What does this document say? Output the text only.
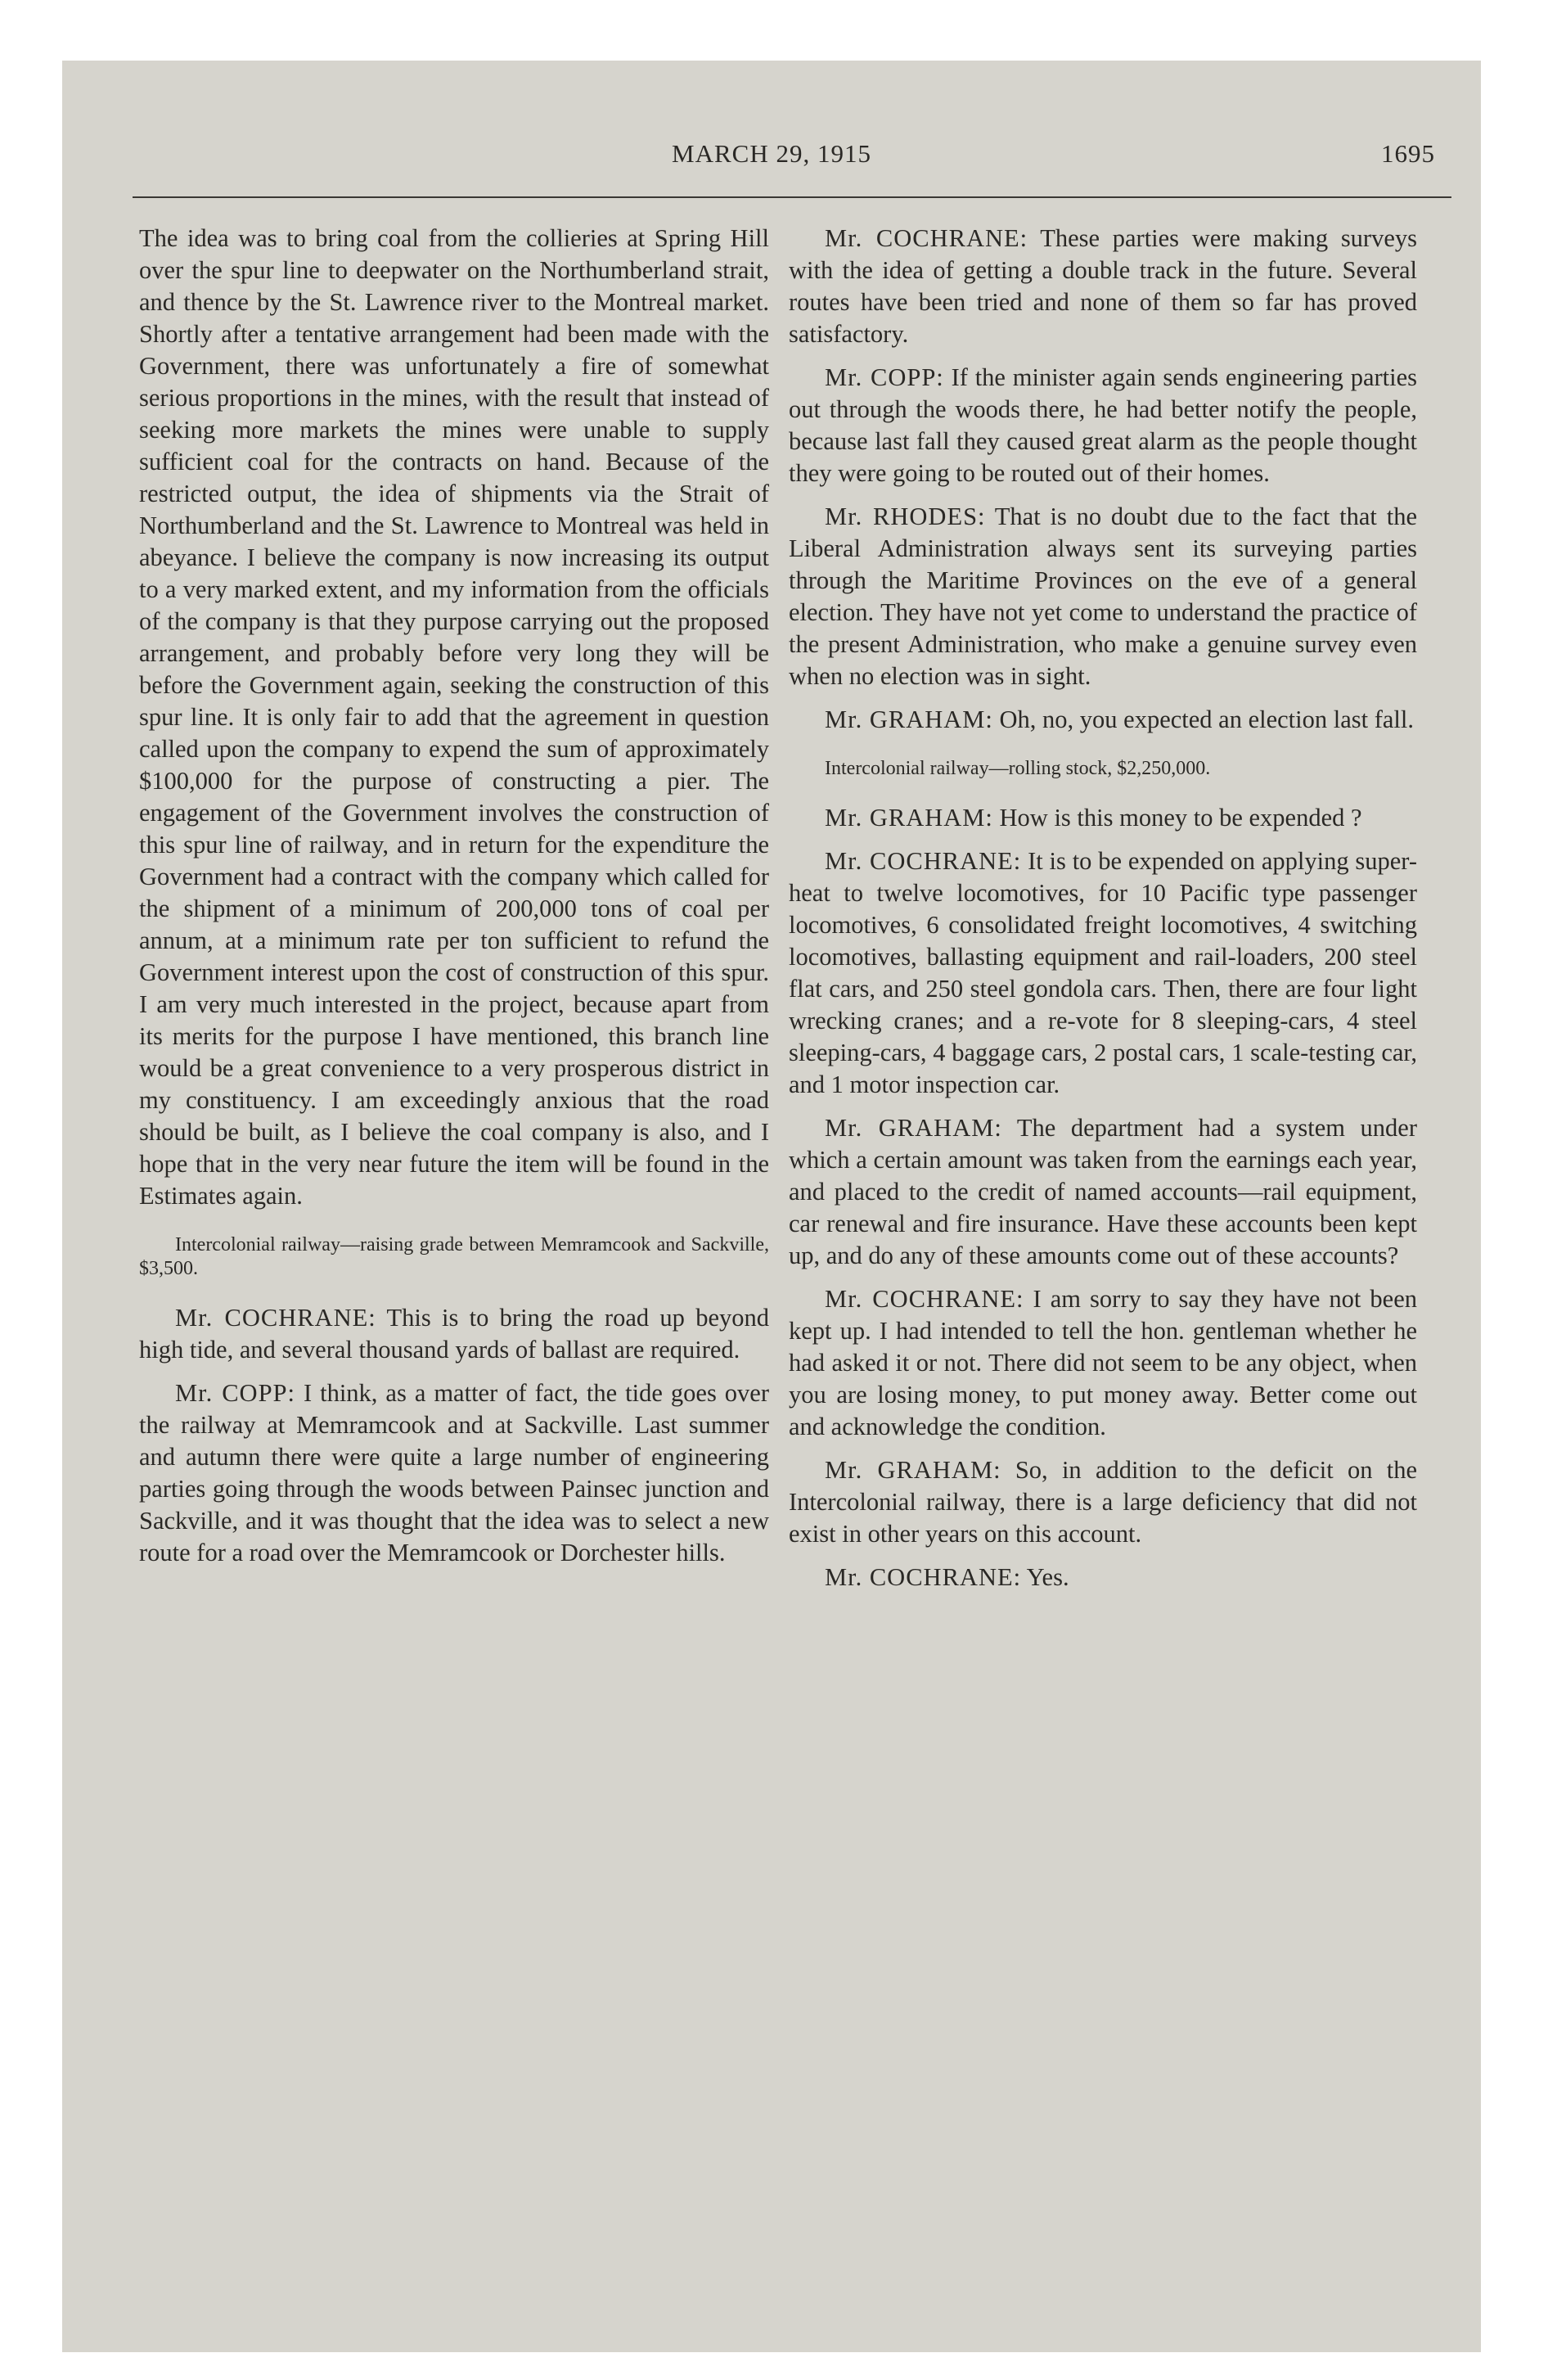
MARCH 29, 1915	1695

The idea was to bring coal from the collieries at Spring Hill over the spur line to deepwater on the Northumberland strait, and thence by the St. Lawrence river to the Montreal market. Shortly after a tentative arrangement had been made with the Government, there was unfortunately a fire of somewhat serious proportions in the mines, with the result that instead of seeking more markets the mines were unable to supply sufficient coal for the contracts on hand. Because of the restricted output, the idea of shipments via the Strait of Northumberland and the St. Lawrence to Montreal was held in abeyance. I believe the company is now increasing its output to a very marked extent, and my information from the officials of the company is that they purpose carrying out the proposed arrangement, and probably before very long they will be before the Government again, seeking the construction of this spur line. It is only fair to add that the agreement in question called upon the company to expend the sum of approximately $100,000 for the purpose of constructing a pier. The engagement of the Government involves the construction of this spur line of railway, and in return for the expenditure the Government had a contract with the company which called for the shipment of a minimum of 200,000 tons of coal per annum, at a minimum rate per ton sufficient to refund the Government interest upon the cost of construction of this spur. I am very much interested in the project, because apart from its merits for the purpose I have mentioned, this branch line would be a great convenience to a very prosperous district in my constituency. I am exceedingly anxious that the road should be built, as I believe the coal company is also, and I hope that in the very near future the item will be found in the Estimates again.

Intercolonial railway—raising grade between Memramcook and Sackville, $3,500.

Mr. COCHRANE: This is to bring the road up beyond high tide, and several thousand yards of ballast are required.

Mr. COPP: I think, as a matter of fact, the tide goes over the railway at Memramcook and at Sackville. Last summer and autumn there were quite a large number of engineering parties going through the woods between Painsec junction and Sackville, and it was thought that the idea was to select a new route for a road over the Memramcook or Dorchester hills.

Mr. COCHRANE: These parties were making surveys with the idea of getting a double track in the future. Several routes have been tried and none of them so far has proved satisfactory.

Mr. COPP: If the minister again sends engineering parties out through the woods there, he had better notify the people, because last fall they caused great alarm as the people thought they were going to be routed out of their homes.

Mr. RHODES: That is no doubt due to the fact that the Liberal Administration always sent its surveying parties through the Maritime Provinces on the eve of a general election. They have not yet come to understand the practice of the present Administration, who make a genuine survey even when no election was in sight.

Mr. GRAHAM: Oh, no, you expected an election last fall.

Intercolonial railway—rolling stock, $2,250,000.

Mr. GRAHAM: How is this money to be expended ?

Mr. COCHRANE: It is to be expended on applying super-heat to twelve locomotives, for 10 Pacific type passenger locomotives, 6 consolidated freight locomotives, 4 switching locomotives, ballasting equipment and rail-loaders, 200 steel flat cars, and 250 steel gondola cars. Then, there are four light wrecking cranes; and a re-vote for 8 sleeping-cars, 4 steel sleeping-cars, 4 baggage cars, 2 postal cars, 1 scale-testing car, and 1 motor inspection car.

Mr. GRAHAM: The department had a system under which a certain amount was taken from the earnings each year, and placed to the credit of named accounts—rail equipment, car renewal and fire insurance. Have these accounts been kept up, and do any of these amounts come out of these accounts?

Mr. COCHRANE: I am sorry to say they have not been kept up. I had intended to tell the hon. gentleman whether he had asked it or not. There did not seem to be any object, when you are losing money, to put money away. Better come out and acknowledge the condition.

Mr. GRAHAM: So, in addition to the deficit on the Intercolonial railway, there is a large deficiency that did not exist in other years on this account.

Mr. COCHRANE: Yes.
